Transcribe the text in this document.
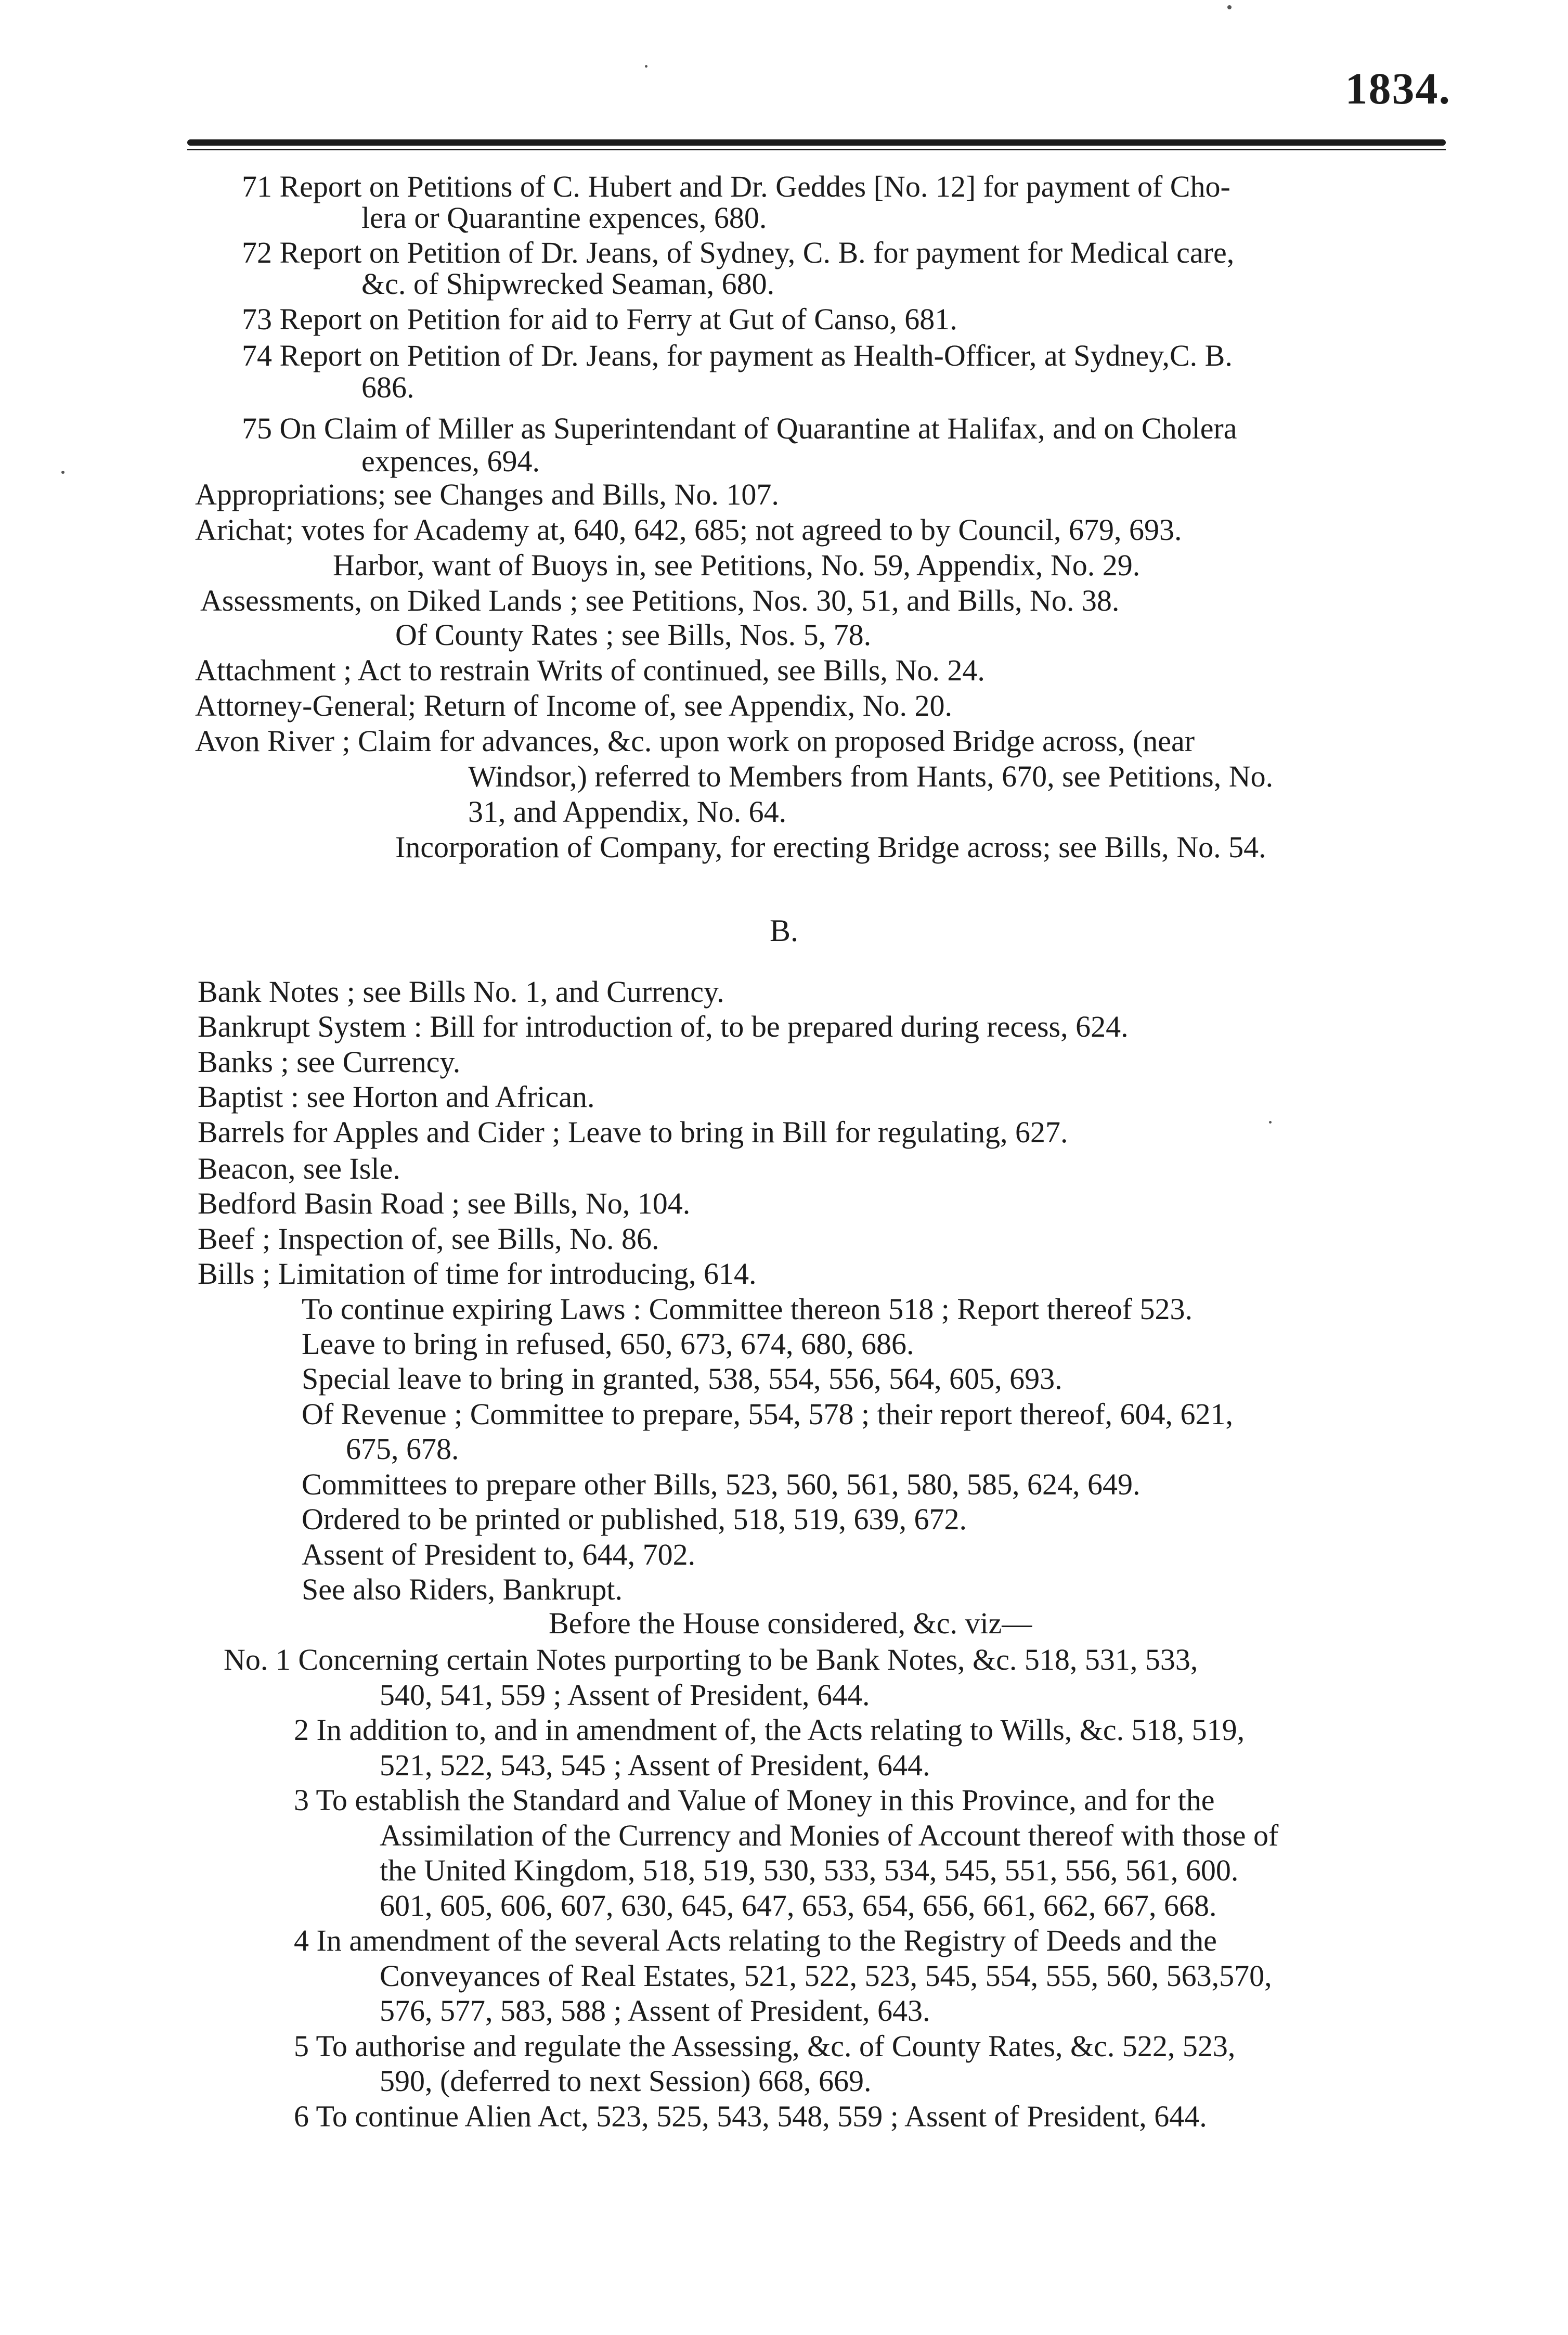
1834.
71 Report on Petitions of C. Hubert and Dr. Geddes [No. 12] for payment of Cho-
lera or Quarantine expences, 680.
72 Report on Petition of Dr. Jeans, of Sydney, C. B. for payment for Medical care,
&c. of Shipwrecked Seaman, 680.
73 Report on Petition for aid to Ferry at Gut of Canso, 681.
74 Report on Petition of Dr. Jeans, for payment as Health-Officer, at Sydney,C. B.
686.
75 On Claim of Miller as Superintendant of Quarantine at Halifax, and on Cholera
expences, 694.
Appropriations; see Changes and Bills, No. 107.
Arichat; votes for Academy at, 640, 642, 685; not agreed to by Council, 679, 693.
Harbor, want of Buoys in, see Petitions, No. 59, Appendix, No. 29.
Assessments, on Diked Lands ; see Petitions, Nos. 30, 51, and Bills, No. 38.
Of County Rates ; see Bills, Nos. 5, 78.
Attachment ; Act to restrain Writs of continued, see Bills, No. 24.
Attorney-General; Return of Income of, see Appendix, No. 20.
Avon River ; Claim for advances, &c. upon work on proposed Bridge across, (near
Windsor,) referred to Members from Hants, 670, see Petitions, No.
31, and Appendix, No. 64.
Incorporation of Company, for erecting Bridge across; see Bills, No. 54.
B.
Bank Notes ; see Bills No. 1, and Currency.
Bankrupt System : Bill for introduction of, to be prepared during recess, 624.
Banks ; see Currency.
Baptist : see Horton and African.
Barrels for Apples and Cider ; Leave to bring in Bill for regulating, 627.
Beacon, see Isle.
Bedford Basin Road ; see Bills, No, 104.
Beef ; Inspection of, see Bills, No. 86.
Bills ; Limitation of time for introducing, 614.
To continue expiring Laws : Committee thereon 518 ; Report thereof 523.
Leave to bring in refused, 650, 673, 674, 680, 686.
Special leave to bring in granted, 538, 554, 556, 564, 605, 693.
Of Revenue ; Committee to prepare, 554, 578 ; their report thereof, 604, 621,
675, 678.
Committees to prepare other Bills, 523, 560, 561, 580, 585, 624, 649.
Ordered to be printed or published, 518, 519, 639, 672.
Assent of President to, 644, 702.
See also Riders, Bankrupt.
Before the House considered, &c. viz—
No. 1 Concerning certain Notes purporting to be Bank Notes, &c. 518, 531, 533,
540, 541, 559 ; Assent of President, 644.
2 In addition to, and in amendment of, the Acts relating to Wills, &c. 518, 519,
521, 522, 543, 545 ; Assent of President, 644.
3 To establish the Standard and Value of Money in this Province, and for the
Assimilation of the Currency and Monies of Account thereof with those of
the United Kingdom, 518, 519, 530, 533, 534, 545, 551, 556, 561, 600.
601, 605, 606, 607, 630, 645, 647, 653, 654, 656, 661, 662, 667, 668.
4 In amendment of the several Acts relating to the Registry of Deeds and the
Conveyances of Real Estates, 521, 522, 523, 545, 554, 555, 560, 563,570,
576, 577, 583, 588 ; Assent of President, 643.
5 To authorise and regulate the Assessing, &c. of County Rates, &c. 522, 523,
590, (deferred to next Session) 668, 669.
6 To continue Alien Act, 523, 525, 543, 548, 559 ; Assent of President, 644.
